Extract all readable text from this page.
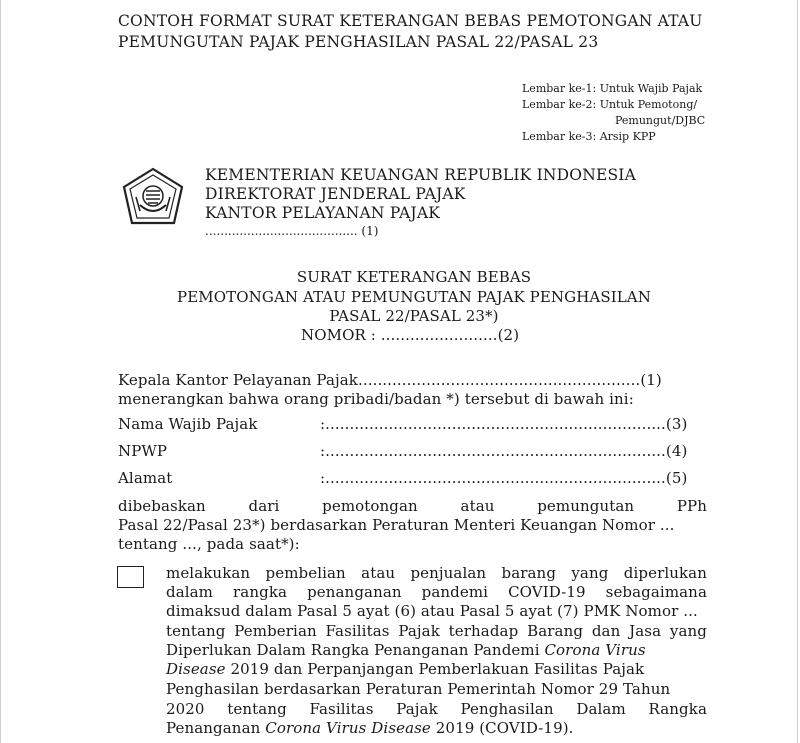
CONTOH FORMAT SURAT KETERANGAN BEBAS PEMOTONGAN ATAU
PEMUNGUTAN PAJAK PENGHASILAN PASAL 22/PASAL 23
Lembar ke-1: Untuk Wajib Pajak
Lembar ke-2: Untuk Pemotong/
Pemungut/DJBC
Lembar ke-3: Arsip KPP
KEMENTERIAN KEUANGAN REPUBLIK INDONESIA
DIREKTORAT JENDERAL PAJAK
KANTOR PELAYANAN PAJAK
........................................ (1)
SURAT KETERANGAN BEBAS
PEMOTONGAN ATAU PEMUNGUTAN PAJAK PENGHASILAN
PASAL 22/PASAL 23*)
NOMOR : ........................(2)
Kepala Kantor Pelayanan Pajak..........................................................(1)
menerangkan bahwa orang pribadi/badan *) tersebut di bawah ini:
Nama Wajib Pajak	:......................................................................(3)
NPWP	:......................................................................(4)
Alamat	:......................................................................(5)
dibebaskan dari pemotongan atau pemungutan PPh
Pasal 22/Pasal 23*) berdasarkan Peraturan Menteri Keuangan Nomor ...
tentang ..., pada saat*):
melakukan pembelian atau penjualan barang yang diperlukan
dalam rangka penanganan pandemi COVID-19 sebagaimana
dimaksud dalam Pasal 5 ayat (6) atau Pasal 5 ayat (7) PMK Nomor ...
tentang Pemberian Fasilitas Pajak terhadap Barang dan Jasa yang
Diperlukan Dalam Rangka Penanganan Pandemi Corona Virus
Disease 2019 dan Perpanjangan Pemberlakuan Fasilitas Pajak
Penghasilan berdasarkan Peraturan Pemerintah Nomor 29 Tahun
2020 tentang Fasilitas Pajak Penghasilan Dalam Rangka
Penanganan Corona Virus Disease 2019 (COVID-19).
